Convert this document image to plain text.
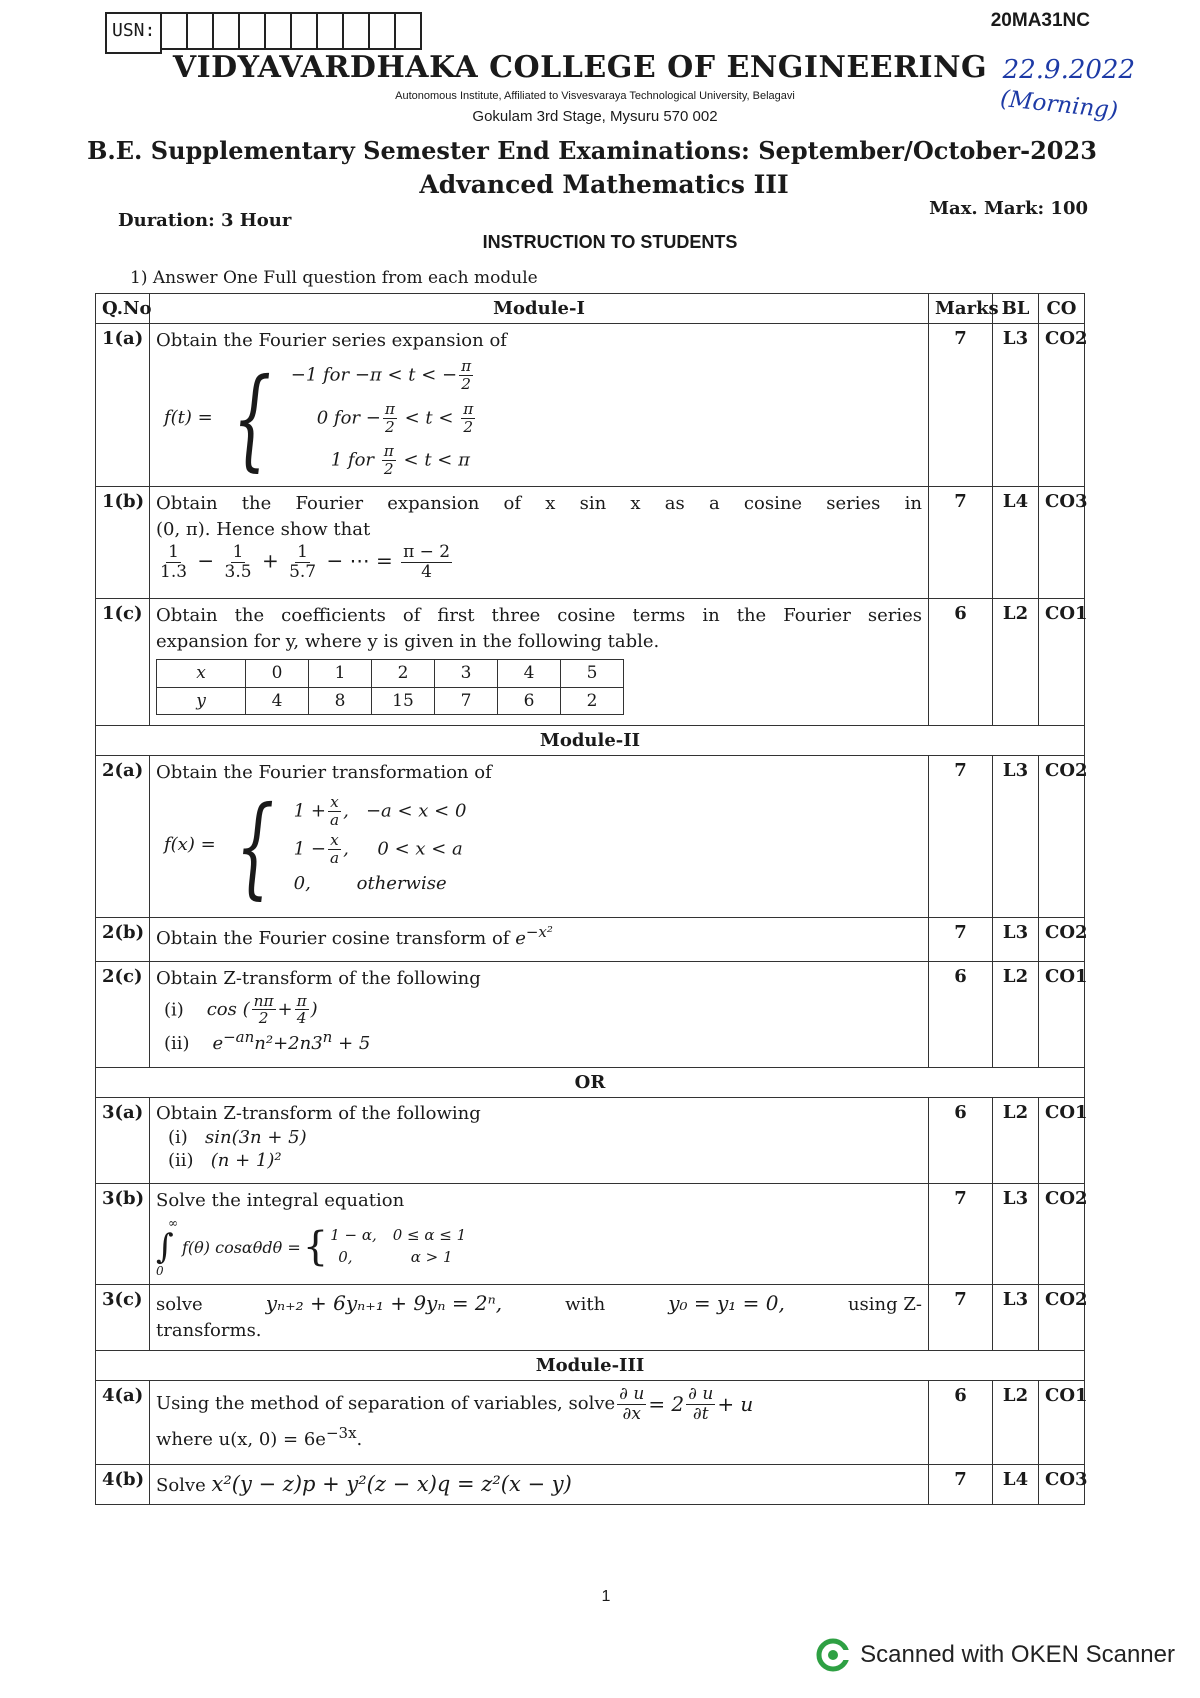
USN:	20MA31NC
VIDYAVARDHAKA COLLEGE OF ENGINEERING 22.9.2022
(Morning)
Autonomous Institute, Affiliated to Visvesvaraya Technological University, Belagavi
Gokulam 3rd Stage, Mysuru 570 002
B.E. Supplementary Semester End Examinations: September/October-2023
Advanced Mathematics III
Duration: 3 Hour
Max. Mark: 100
INSTRUCTION TO STUDENTS
1) Answer One Full question from each module
Q.No	Module-I	Marks	BL	CO
1(a)	Obtain the Fourier series expansion of
f(t) = { −1 for −π < t < − $\frac{\pi}{2}$
0 for − $\frac{\pi}{2} < t < \frac{\pi}{2}$
1 for $\frac{\pi}{2} < t < \pi$
	7	L3	CO2
1(b)	Obtain the Fourier expansion of x sin x as a cosine series in
(0, π). Hence show that
$\frac{1}{1.3} - \frac{1}{3.5} + \frac{1}{5.7}$ − ⋯ = $\frac{\pi - 2}{4}$
	7	L4	CO3
1(c)	Obtain the coefficients of first three cosine terms in the Fourier series
expansion for y, where y is given in the following table.
x	0	1	2	3	4	5
y	4	8	15	7	6	2
	6	L2	CO1
Module-II
2(a)	Obtain the Fourier transformation of
f(x) = { $1 + \frac{x}{a}$ , −a < x < 0
$1 - \frac{x}{a}$ , 0 < x < a
0,	otherwise
	7	L3	CO2
2(b)	Obtain the Fourier cosine transform of $e^{-x^2}$	7	L3	CO2
2(c)	Obtain Z-transform of the following
(i) cos ( $\frac{n\pi}{2} + \frac{\pi}{4}$ )
(ii) $e^{-an}n^2+2n3^n + 5$
	6	L2	CO1
OR
3(a)	Obtain Z-transform of the following
(i) sin(3n + 5)
(ii) (n + 1)²
	6	L2	CO1
3(b)	Solve the integral equation
∞
∫
0
f(θ) cosαθdθ = { 1 − α, 0 ≤ α ≤ 1
0,	α > 1
	7	L3	CO2
3(c)	solve	yₙ₊₂ + 6yₙ₊₁ + 9yₙ = 2ⁿ,	with	y₀ = y₁ = 0,	using Z-
transforms.
	7	L3	CO2
Module-III
4(a)	Using the method of separation of variables, solve $\frac{\partial u}{\partial x} = 2 \frac{\partial u}{\partial t} + u$
where u(x, $0) = 6e^{-3x}$.
	6	L2	CO1
4(b)	Solve x²(y − z)p + y²(z − x)q = z²(x − y)	7	L4	CO3
1
Scanned with OKEN Scanner
